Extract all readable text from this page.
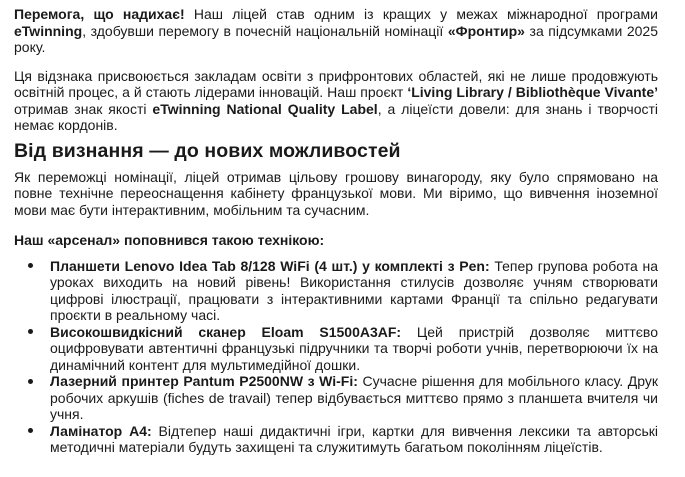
Перемога, що надихає! Наш ліцей став одним із кращих у межах міжнародної програми eTwinning, здобувши перемогу в почесній національній номінації «Фронтир» за підсумками 2025 року.

Ця відзнака присвоюється закладам освіти з прифронтових областей, які не лише продовжують освітній процес, а й стають лідерами інновацій. Наш проєкт ‘Living Library / Bibliothèque Vivante’ отримав знак якості eTwinning National Quality Label, а ліцеїсти довели: для знань і творчості немає кордонів.

Від визнання — до нових можливостей

Як переможці номінації, ліцей отримав цільову грошову винагороду, яку було спрямовано на повне технічне переоснащення кабінету французької мови. Ми віримо, що вивчення іноземної мови має бути інтерактивним, мобільним та сучасним.

Наш «арсенал» поповнився такою технікою:

Планшети Lenovo Idea Tab 8/128 WiFi (4 шт.) у комплекті з Pen: Тепер групова робота на уроках виходить на новий рівень! Використання стилусів дозволяє учням створювати цифрові ілюстрації, працювати з інтерактивними картами Франції та спільно редагувати проєкти в реальному часі.
Високошвидкісний сканер Eloam S1500A3AF: Цей пристрій дозволяє миттєво оцифровувати автентичні французькі підручники та творчі роботи учнів, перетворюючи їх на динамічний контент для мультимедійної дошки.
Лазерний принтер Pantum P2500NW з Wi-Fi: Сучасне рішення для мобільного класу. Друк робочих аркушів (fiches de travail) тепер відбувається миттєво прямо з планшета вчителя чи учня.
Ламінатор A4: Відтепер наші дидактичні ігри, картки для вивчення лексики та авторські методичні матеріали будуть захищені та служитимуть багатьом поколінням ліцеїстів.
